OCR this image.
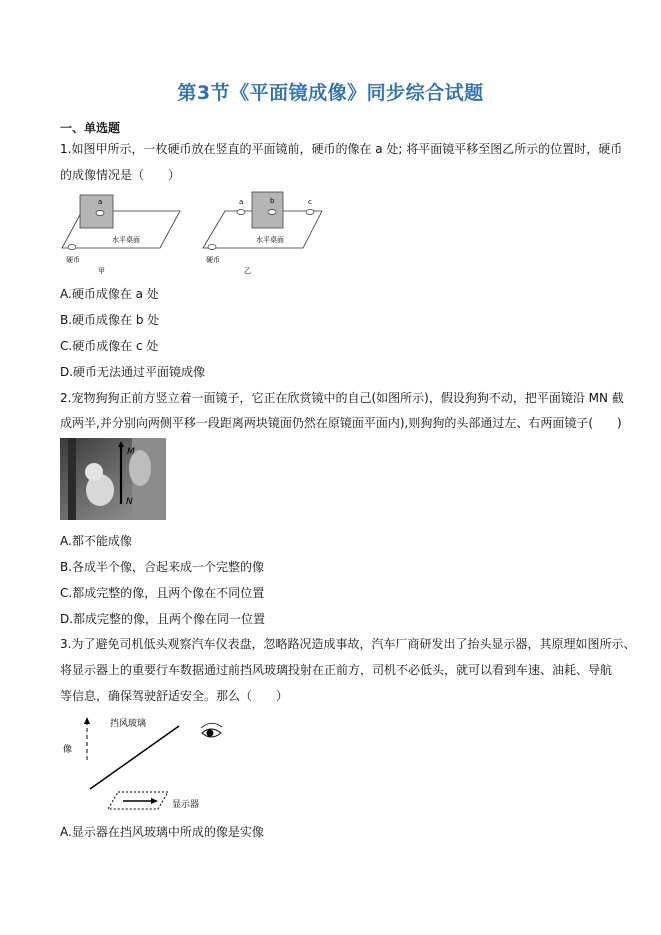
第3节《平面镜成像》同步综合试题
一、单选题
1.如图甲所示，一枚硬币放在竖直的平面镜前，硬币的像在 a 处; 将平面镜平移至图乙所示的位置时，硬币
的成像情况是（　　）
a
水平桌面
硬币
甲
a	b	c
水平桌面
硬币
乙
A.硬币成像在 a 处
B.硬币成像在 b 处
C.硬币成像在 c 处
D.硬币无法通过平面镜成像
2.宠物狗狗正前方竖立着一面镜子，它正在欣赏镜中的自己(如图所示)，假设狗狗不动，把平面镜沿 MN 截
成两半,并分别向两侧平移一段距离两块镜面仍然在原镜面平面内),则狗狗的头部通过左、右两面镜子(　　)
M
N
A.都不能成像
B.各成半个像，合起来成一个完整的像
C.都成完整的像，且两个像在不同位置
D.都成完整的像，且两个像在同一位置
3.为了避免司机低头观察汽车仪表盘，忽略路况造成事故，汽车厂商研发出了抬头显示器，其原理如图所示、
将显示器上的重要行车数据通过前挡风玻璃投射在正前方，司机不必低头，就可以看到车速、油耗、导航
等信息，确保驾驶舒适安全。那么（　　）
挡风玻璃
像
显示器
A.显示器在挡风玻璃中所成的像是实像
